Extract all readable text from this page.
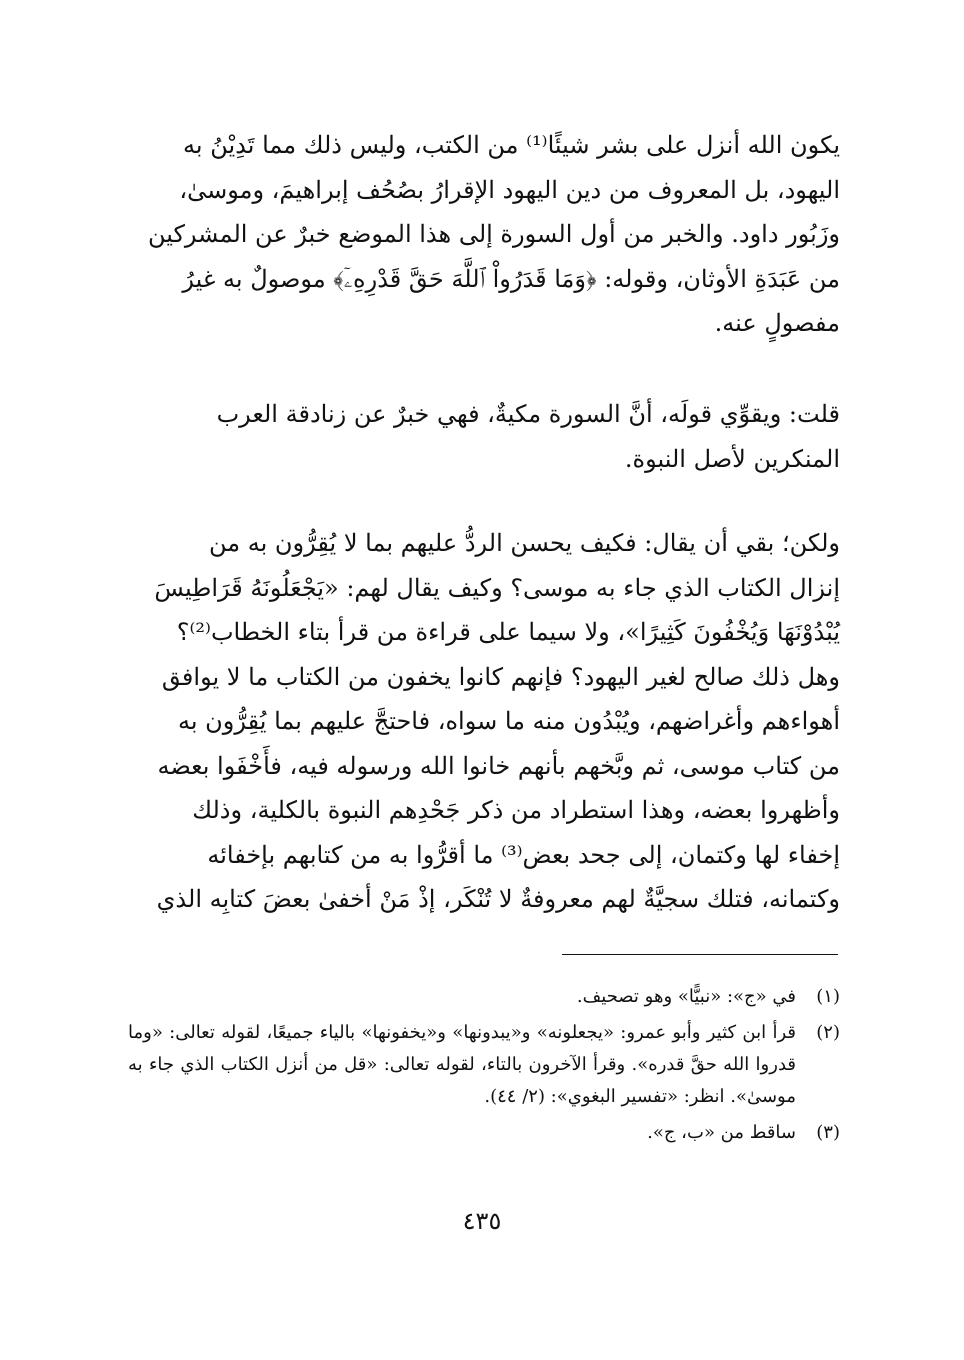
يكون الله أنزل على بشر شيئًا⁽¹⁾ من الكتب، وليس ذلك مما تَدِيْنُ به
اليهود، بل المعروف من دين اليهود الإقرارُ بصُحُف إبراهيمَ، وموسىٰ،
وزَبُور داود. والخبر من أول السورة إلى هذا الموضع خبرٌ عن المشركين
من عَبَدَةِ الأوثان، وقوله: ﴿وَمَا قَدَرُواْ ٱللَّهَ حَقَّ قَدْرِهِۦٓ﴾ موصولٌ به غيرُ
مفصولٍ عنه.
قلت: ويقوِّي قولَه، أنَّ السورة مكيةٌ، فهي خبرٌ عن زنادقة العرب
المنكرين لأصل النبوة.
ولكن؛ بقي أن يقال: فكيف يحسن الردُّ عليهم بما لا يُقِرُّون به من
إنزال الكتاب الذي جاء به موسى؟ وكيف يقال لهم: «يَجْعَلُونَهُ قَرَاطِيسَ
يُبْدُوْنَهَا وَيُخْفُونَ كَثِيرًا»، ولا سيما على قراءة من قرأ بتاء الخطاب⁽²⁾؟
وهل ذلك صالح لغير اليهود؟ فإنهم كانوا يخفون من الكتاب ما لا يوافق
أهواءهم وأغراضهم، ويُبْدُون منه ما سواه، فاحتجَّ عليهم بما يُقِرُّون به
من كتاب موسى، ثم وبَّخهم بأنهم خانوا الله ورسوله فيه، فأَخْفَوا بعضه
وأظهروا بعضه، وهذا استطراد من ذكر جَحْدِهم النبوة بالكلية، وذلك
إخفاء لها وكتمان، إلى جحد بعض⁽³⁾ ما أقرُّوا به من كتابهم بإخفائه
وكتمانه، فتلك سجيَّةٌ لهم معروفةٌ لا تُنْكَر، إذْ مَنْ أخفىٰ بعضَ كتابِه الذي
(١)
في «ج»: «نبيًّا» وهو تصحيف.
(٢)
قرأ ابن كثير وأبو عمرو: «يجعلونه» و«يبدونها» و«يخفونها» بالياء جميعًا، لقوله تعالى: «وما قدروا الله حقَّ قدره». وقرأ الآخرون بالتاء، لقوله تعالى: «قل من أنزل الكتاب الذي جاء به موسىٰ». انظر: «تفسير البغوي»: (٢/ ٤٤).
(٣)
ساقط من «ب، ج».
٤٣٥
